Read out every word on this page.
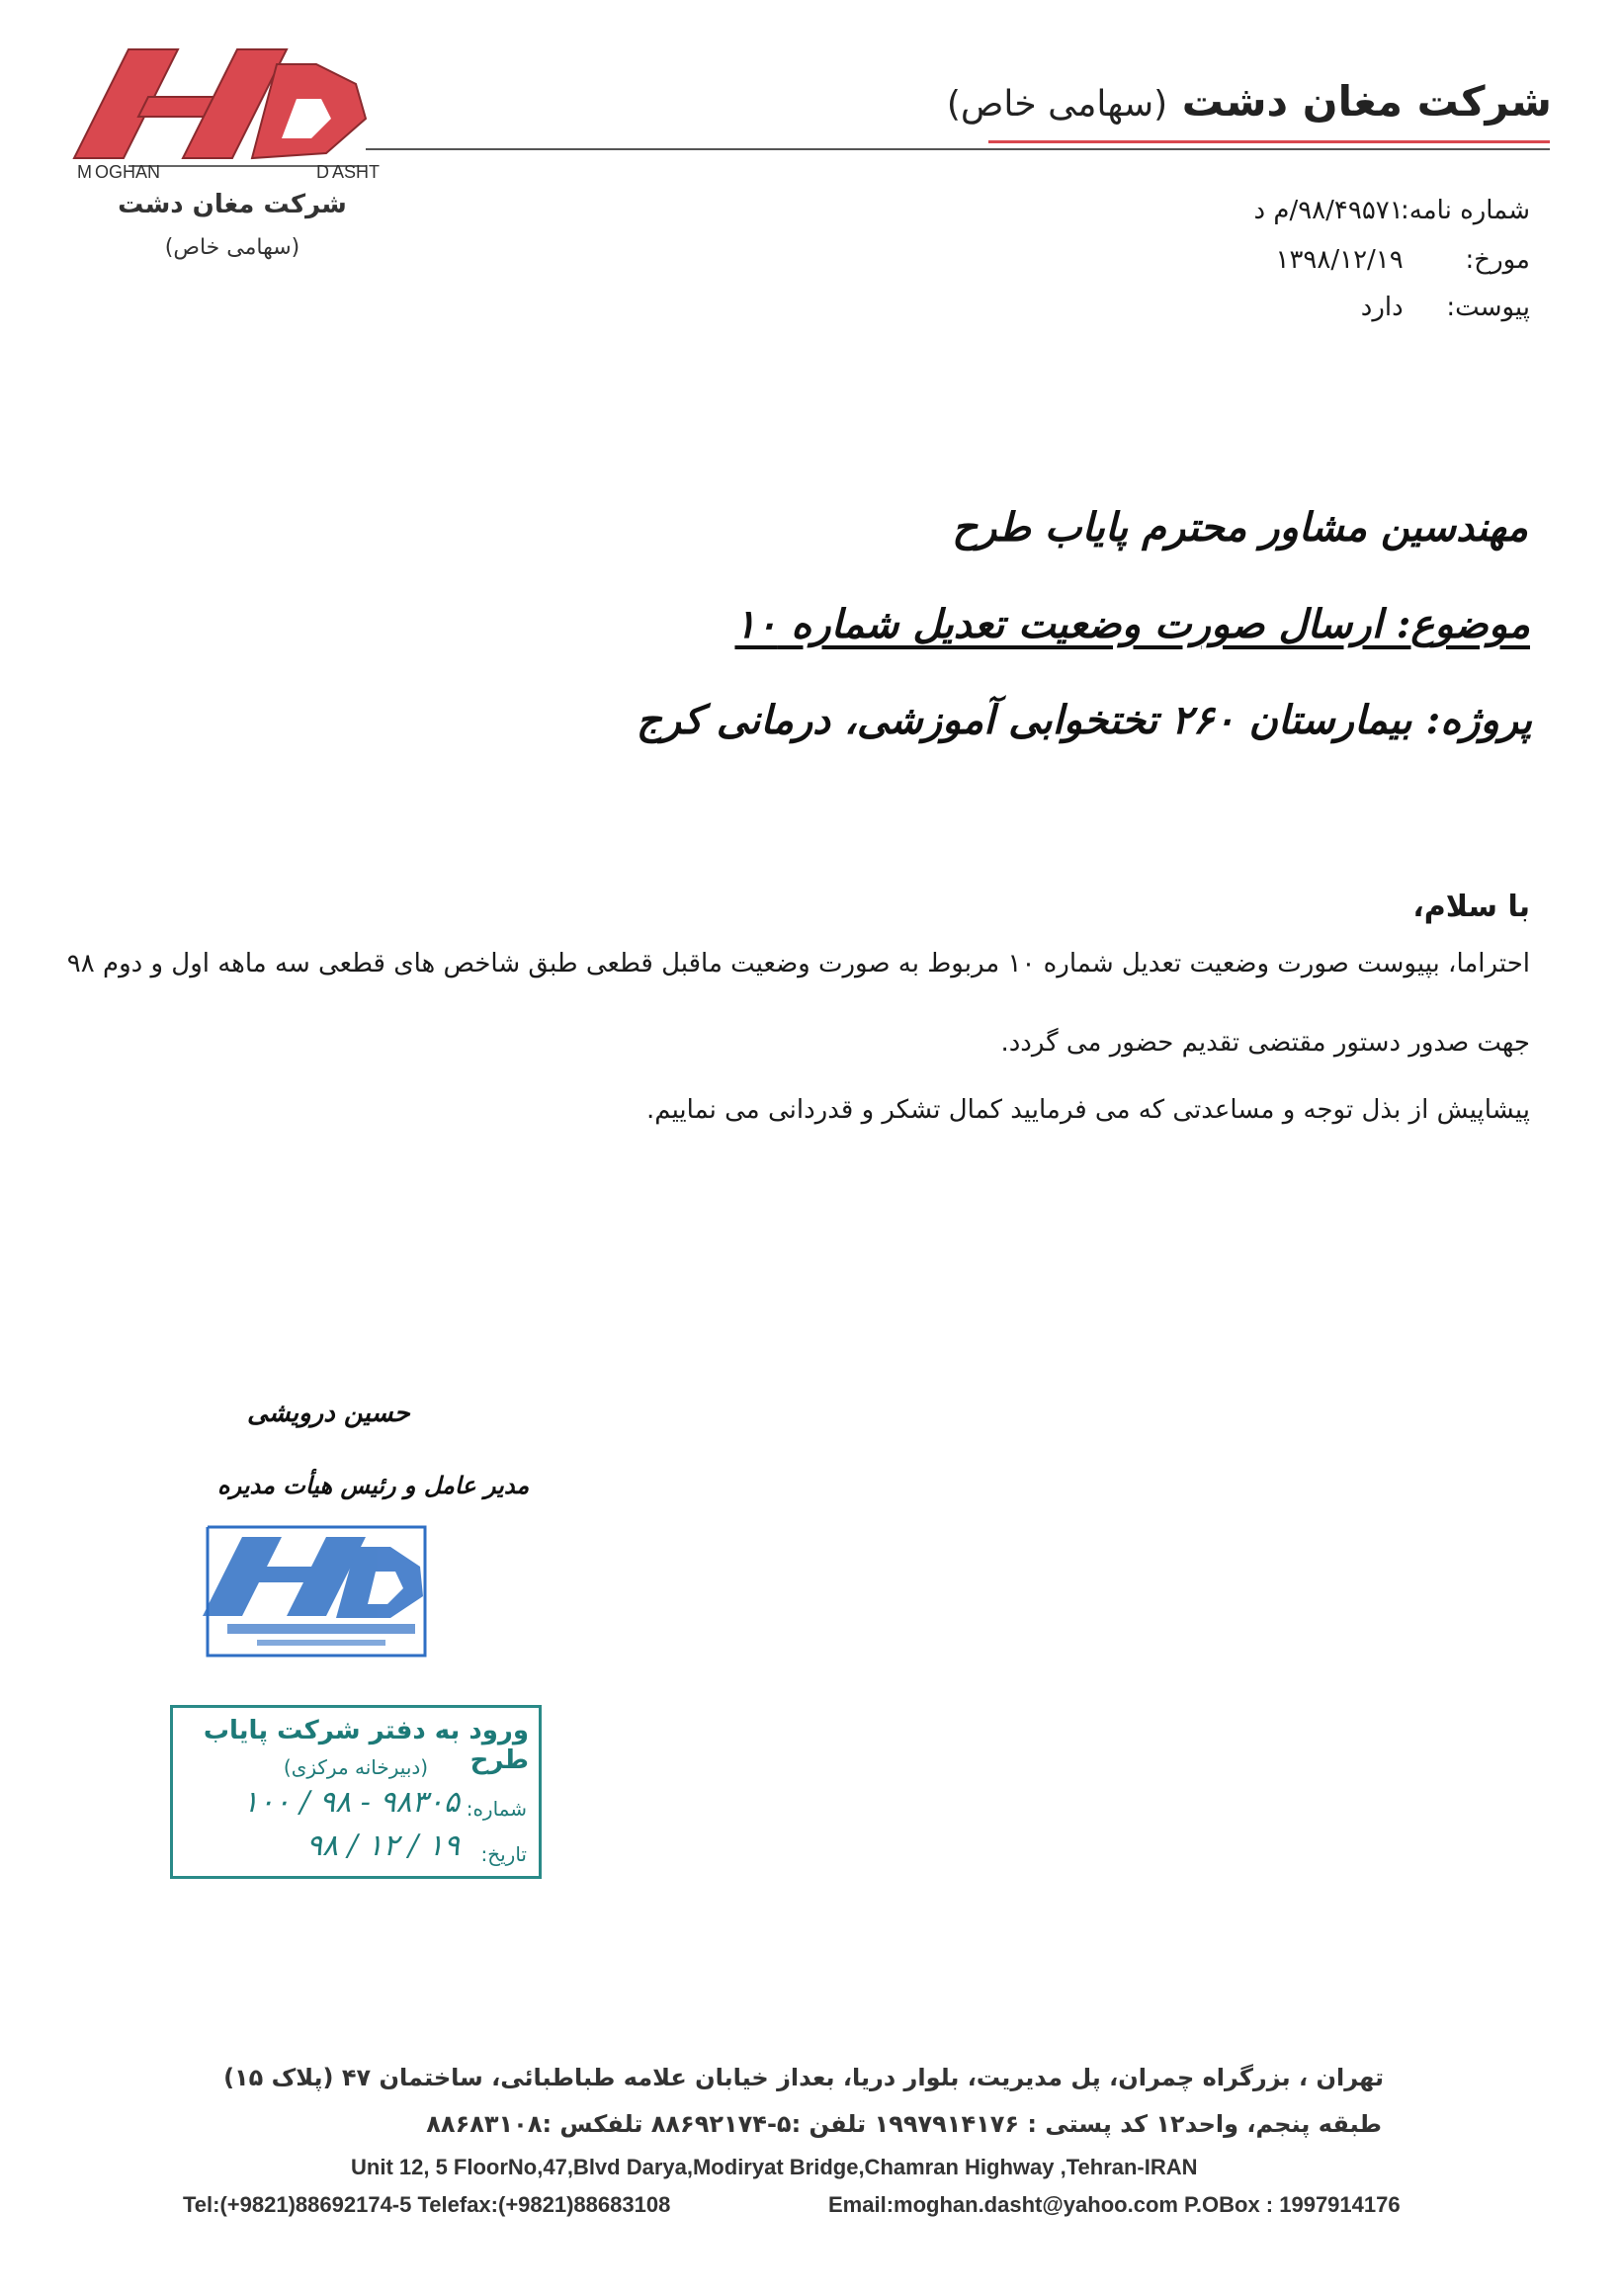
M OGHAN	D ASHT
شرکت مغان دشت
(سهامی خاص)
شرکت مغان دشت (سهامی خاص)
شماره نامه: ۹۸/۴۹۵۷۱/م د
مورخ: ۱۳۹۸/۱۲/۱۹
پیوست: دارد
مهندسین مشاور محترم پایاب طرح
موضوع: ارسال صورت وضعیت تعدیل شماره ۱۰
پروژه: بیمارستان ۲۶۰ تختخوابی آموزشی، درمانی کرج
با سلام،
احتراما، بپیوست صورت وضعیت تعدیل شماره ۱۰ مربوط به صورت وضعیت ماقبل قطعی طبق شاخص های قطعی سه ماهه اول و دوم ۹۸
جهت صدور دستور مقتضی تقدیم حضور می گردد.
پیشاپیش از بذل توجه و مساعدتی که می فرمایید کمال تشکر و قدردانی می نماییم.
حسین درویشی
مدیر عامل و رئیس هیأت مدیره
ورود به دفتر شرکت پایاب طرح
(دبیرخانه مرکزی)
شماره:
۹۸۳۰۵ - ۹۸ / ۱۰۰
تاریخ:
۱۹ / ۱۲ / ۹۸
تهران ، بزرگراه چمران، پل مدیریت، بلوار دریا، بعداز خیابان علامه طباطبائی، ساختمان ۴۷ (پلاک ۱۵)
طبقه پنجم، واحد۱۲ کد پستی : ۱۹۹۷۹۱۴۱۷۶ تلفن :۵-۸۸۶۹۲۱۷۴ تلفکس :۸۸۶۸۳۱۰۸
Unit 12, 5 FloorNo,47,Blvd Darya,Modiryat Bridge,Chamran Highway ,Tehran-IRAN
Tel:(+9821)88692174-5 Telefax:(+9821)88683108	Email:moghan.dasht@yahoo.com P.OBox : 1997914176
